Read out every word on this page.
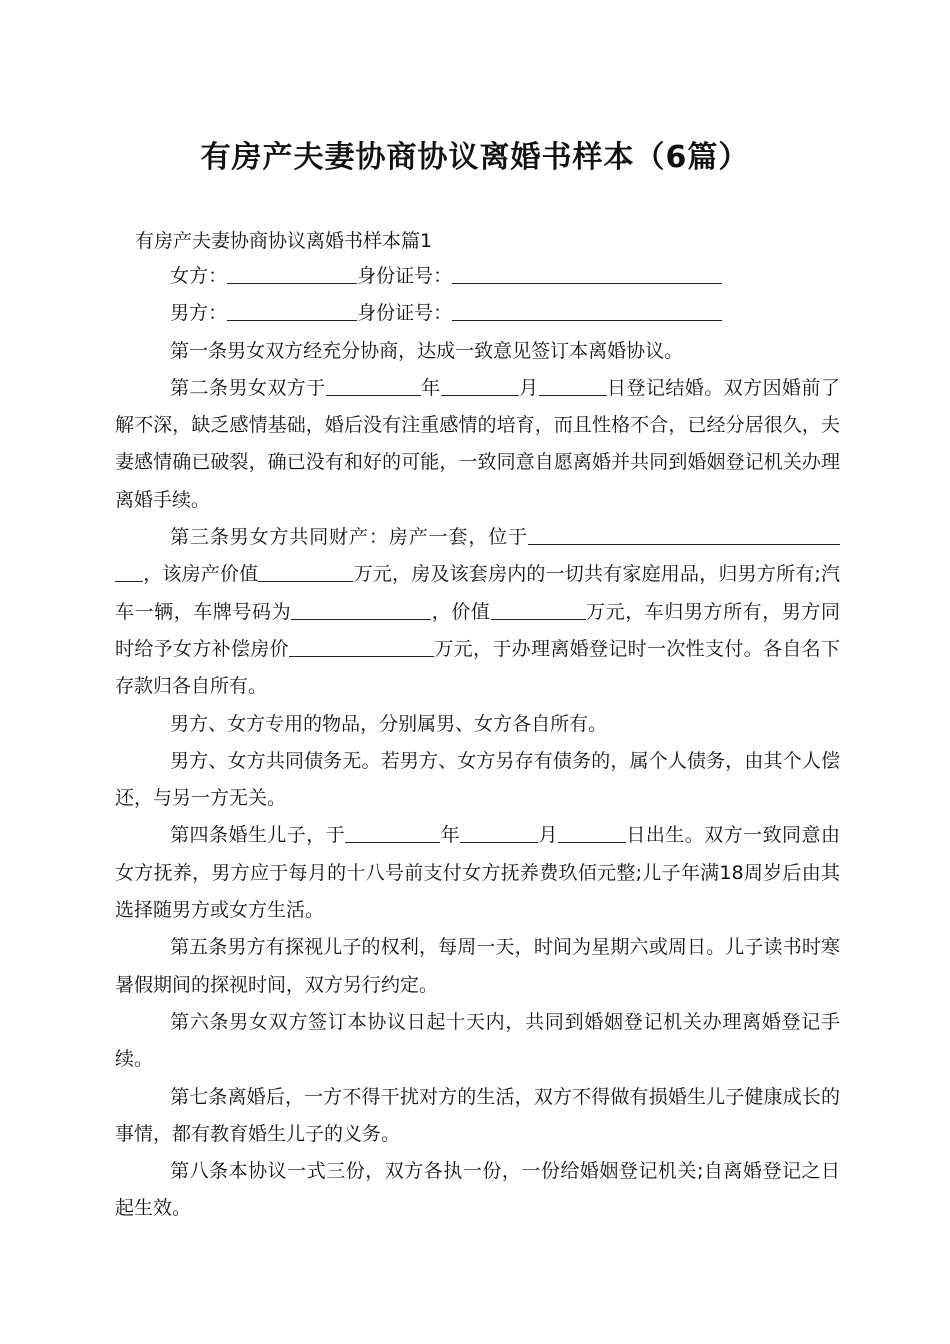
有房产夫妻协商协议离婚书样本（6篇）

有房产夫妻协商协议离婚书样本篇1

女方：	身份证号：

男方：	身份证号：

第一条男女双方经充分协商，达成一致意见签订本离婚协议。

第二条男女双方于	年	月	日登记结婚。双方因婚前了解不深，缺乏感情基础，婚后没有注重感情的培育，而且性格不合，已经分居很久，夫妻感情确已破裂，确已没有和好的可能，一致同意自愿离婚并共同到婚姻登记机关办理离婚手续。

第三条男女方共同财产：房产一套，位于，该房产价值	万元，房及该套房内的一切共有家庭用品，归男方所有;汽车一辆，车牌号码为	，价值	万元，车归男方所有，男方同时给予女方补偿房价	万元，于办理离婚登记时一次性支付。各自名下存款归各自所有。

男方、女方专用的物品，分别属男、女方各自所有。

男方、女方共同债务无。若男方、女方另存有债务的，属个人债务，由其个人偿还，与另一方无关。

第四条婚生儿子，于	年	月	日出生。双方一致同意由女方抚养，男方应于每月的十八号前支付女方抚养费玖佰元整;儿子年满18周岁后由其选择随男方或女方生活。

第五条男方有探视儿子的权利，每周一天，时间为星期六或周日。儿子读书时寒暑假期间的探视时间，双方另行约定。

第六条男女双方签订本协议日起十天内，共同到婚姻登记机关办理离婚登记手续。

第七条离婚后，一方不得干扰对方的生活，双方不得做有损婚生儿子健康成长的事情，都有教育婚生儿子的义务。

第八条本协议一式三份，双方各执一份，一份给婚姻登记机关;自离婚登记之日起生效。
